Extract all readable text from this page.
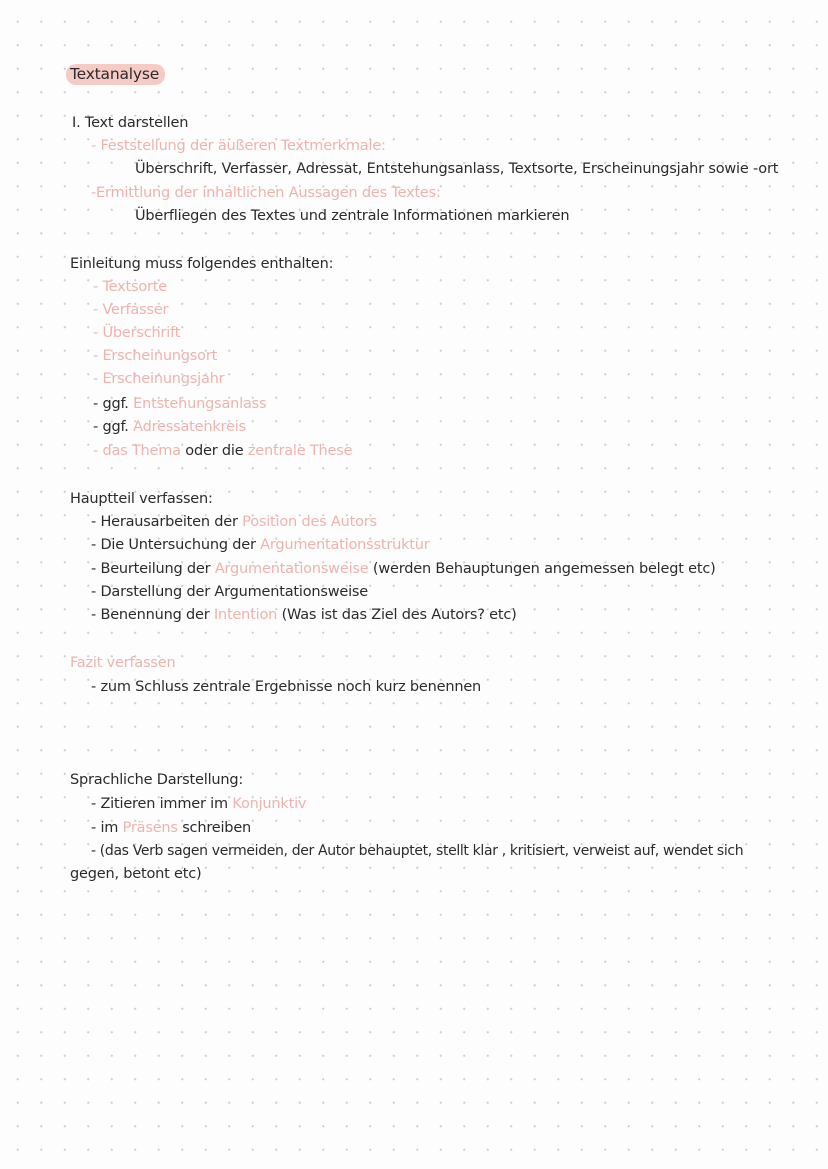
Textanalyse
I. Text darstellen
- Feststellung der äußeren Textmerkmale:
Überschrift, Verfasser, Adressat, Entstehungsanlass, Textsorte, Erscheinungsjahr sowie -ort
-Ermittlung der inhaltlichen Aussagen des Textes:
Überfliegen des Textes und zentrale Informationen markieren
Einleitung muss folgendes enthalten:
- Textsorte
- Verfasser
- Überschrift
- Erscheinungsort
- Erscheinungsjahr
- ggf. Entstehungsanlass
- ggf. Adressatenkreis
- das Thema oder die zentrale These
Hauptteil verfassen:
- Herausarbeiten der Position des Autors
- Die Untersuchung der Argumentationsstruktur
- Beurteilung der Argumentationsweise (werden Behauptungen angemessen belegt etc)
- Darstellung der Argumentationsweise
- Benennung der Intention (Was ist das Ziel des Autors? etc)
Fazit verfassen
- zum Schluss zentrale Ergebnisse noch kurz benennen
Sprachliche Darstellung:
- Zitieren immer im Konjunktiv
- im Präsens schreiben
- (das Verb sagen vermeiden, der Autor behauptet, stellt klar , kritisiert, verweist auf, wendet sich
gegen, betont etc)
